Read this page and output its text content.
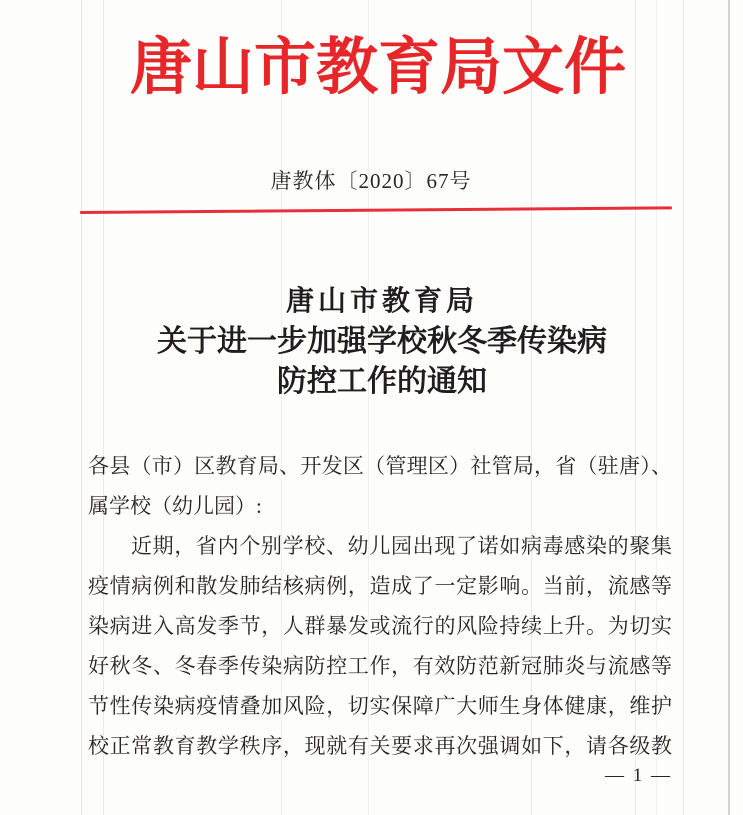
唐山市教育局文件
唐教体〔2020〕67号
唐山市教育局
关于进一步加强学校秋冬季传染病
防控工作的通知
各县（市）区教育局、开发区（管理区）社管局，省（驻唐）、
属学校（幼儿园）:
近期，省内个别学校、幼儿园出现了诺如病毒感染的聚集
疫情病例和散发肺结核病例，造成了一定影响。当前，流感等
染病进入高发季节，人群暴发或流行的风险持续上升。为切实
好秋冬、冬春季传染病防控工作，有效防范新冠肺炎与流感等
节性传染病疫情叠加风险，切实保障广大师生身体健康，维护
校正常教育教学秩序，现就有关要求再次强调如下，请各级教
— 1 —
